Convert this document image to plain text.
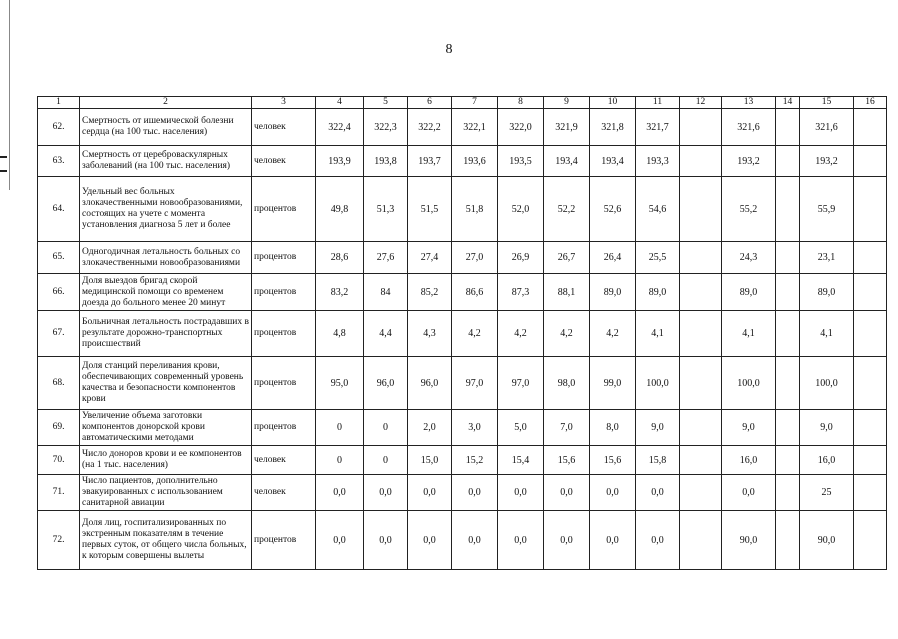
8
1	2	3	4	5	6	7	8	9	10	11	12	13	14	15	16
62.	Смертность от ишемической болезни сердца (на 100 тыс. населения)	человек	322,4	322,3	322,2	322,1	322,0	321,9	321,8	321,7		321,6		321,6	
63.	Смертность от цереброваскулярных заболеваний (на 100 тыс. населения)	человек	193,9	193,8	193,7	193,6	193,5	193,4	193,4	193,3		193,2		193,2	
64.	Удельный вес больных злокачественными новообразованиями, состоящих на учете с момента установления диагноза 5 лет и более	процентов	49,8	51,3	51,5	51,8	52,0	52,2	52,6	54,6		55,2		55,9	
65.	Одногодичная летальность больных со злокачественными новообразованиями	процентов	28,6	27,6	27,4	27,0	26,9	26,7	26,4	25,5		24,3		23,1	
66.	Доля выездов бригад скорой медицинской помощи со временем доезда до больного менее 20 минут	процентов	83,2	84	85,2	86,6	87,3	88,1	89,0	89,0		89,0		89,0	
67.	Больничная летальность пострадавших в результате дорожно-транспортных происшествий	процентов	4,8	4,4	4,3	4,2	4,2	4,2	4,2	4,1		4,1		4,1	
68.	Доля станций переливания крови, обеспечивающих современный уровень качества и безопасности компонентов крови	процентов	95,0	96,0	96,0	97,0	97,0	98,0	99,0	100,0		100,0		100,0	
69.	Увеличение объема заготовки компонентов донорской крови автоматическими методами	процентов	0	0	2,0	3,0	5,0	7,0	8,0	9,0		9,0		9,0	
70.	Число доноров крови и ее компонентов (на 1 тыс. населения)	человек	0	0	15,0	15,2	15,4	15,6	15,6	15,8		16,0		16,0	
71.	Число пациентов, дополнительно эвакуированных с использованием санитарной авиации	человек	0,0	0,0	0,0	0,0	0,0	0,0	0,0	0,0		0,0		25	
72.	Доля лиц, госпитализированных по экстренным показателям в течение первых суток, от общего числа больных, к которым совершены вылеты	процентов	0,0	0,0	0,0	0,0	0,0	0,0	0,0	0,0		90,0		90,0	
